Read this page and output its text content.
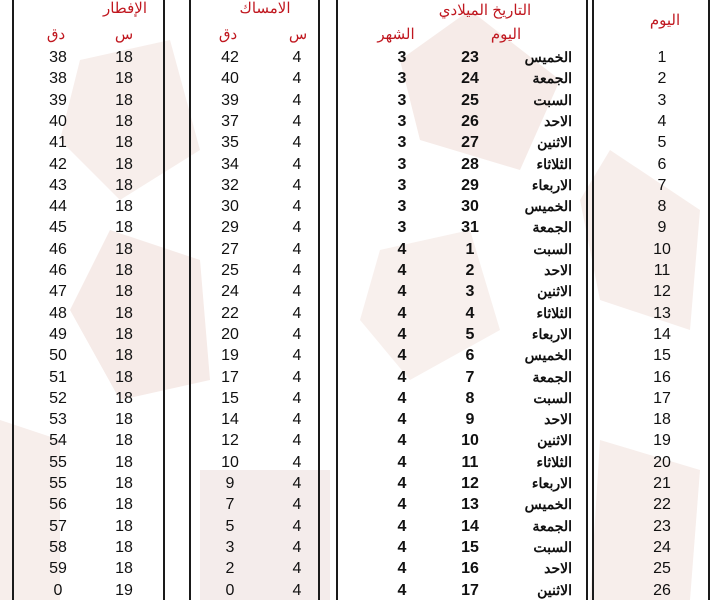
اليوم
التاريخ الميلادي
اليوم
الشهر
الامساك
س
دق
الإفطار
س
دق
1
الخميس
23
3
4
42
18
38
2
الجمعة
24
3
4
40
18
38
3
السبت
25
3
4
39
18
39
4
الاحد
26
3
4
37
18
40
5
الاثنين
27
3
4
35
18
41
6
الثلاثاء
28
3
4
34
18
42
7
الاربعاء
29
3
4
32
18
43
8
الخميس
30
3
4
30
18
44
9
الجمعة
31
3
4
29
18
45
10
السبت
1
4
4
27
18
46
11
الاحد
2
4
4
25
18
46
12
الاثنين
3
4
4
24
18
47
13
الثلاثاء
4
4
4
22
18
48
14
الاربعاء
5
4
4
20
18
49
15
الخميس
6
4
4
19
18
50
16
الجمعة
7
4
4
17
18
51
17
السبت
8
4
4
15
18
52
18
الاحد
9
4
4
14
18
53
19
الاثنين
10
4
4
12
18
54
20
الثلاثاء
11
4
4
10
18
55
21
الاربعاء
12
4
4
9
18
55
22
الخميس
13
4
4
7
18
56
23
الجمعة
14
4
4
5
18
57
24
السبت
15
4
4
3
18
58
25
الاحد
16
4
4
2
18
59
26
الاثنين
17
4
4
0
19
0
